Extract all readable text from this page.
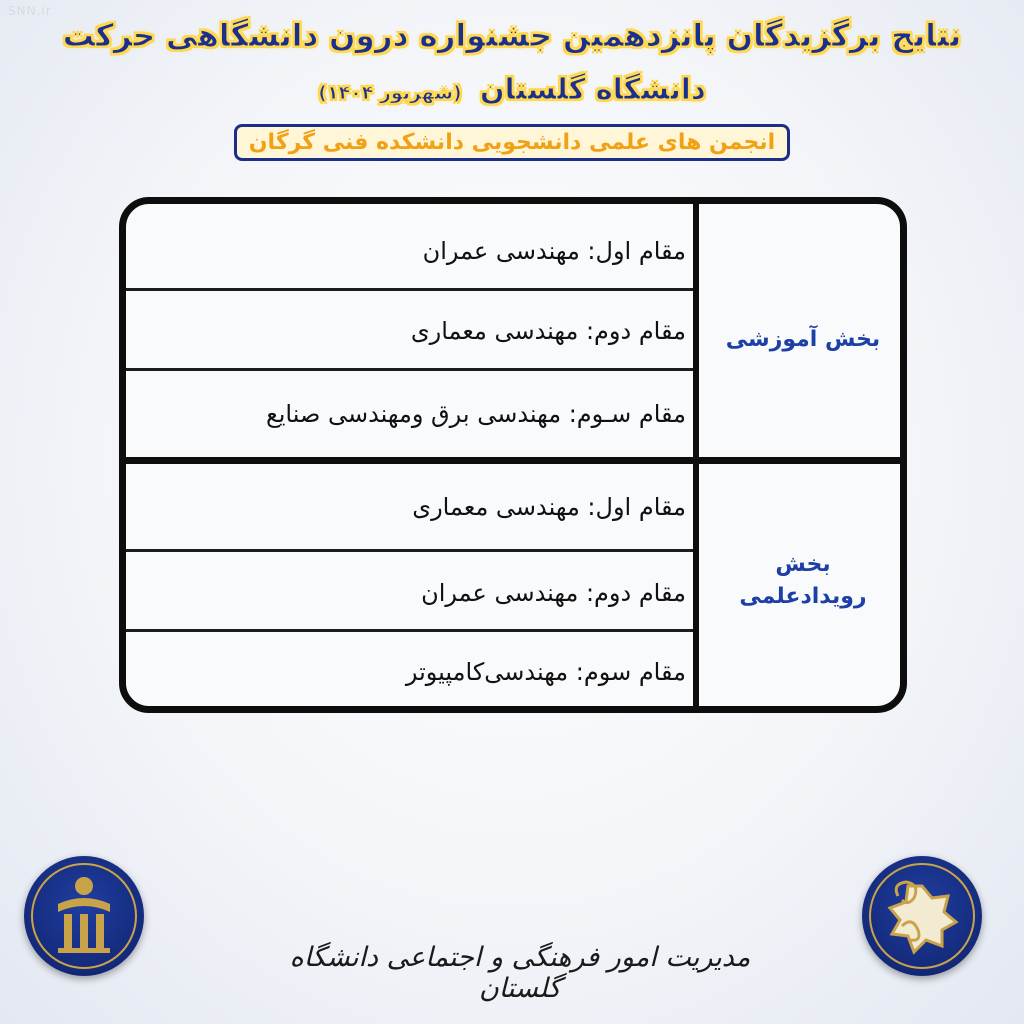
SNN.ir
نتایج برگزیدگان پانزدهمین جشنواره درون دانشگاهی حرکت
دانشگاه گلستان (شهریور ۱۴۰۴)
انجمن های علمی دانشجویی دانشکده فنی گرگان
مقام اول: مهندسی عمران
مقام دوم: مهندسی معماری
مقام سـوم: مهندسی برق ومهندسی صنایع
مقام اول: مهندسی معماری
مقام دوم: مهندسی عمران
مقام سوم: مهندسی‌کامپیوتر
بخش آموزشی
بخش
رویدادعلمی
مدیریت امور فرهنگی و اجتماعی دانشگاه گلستان
